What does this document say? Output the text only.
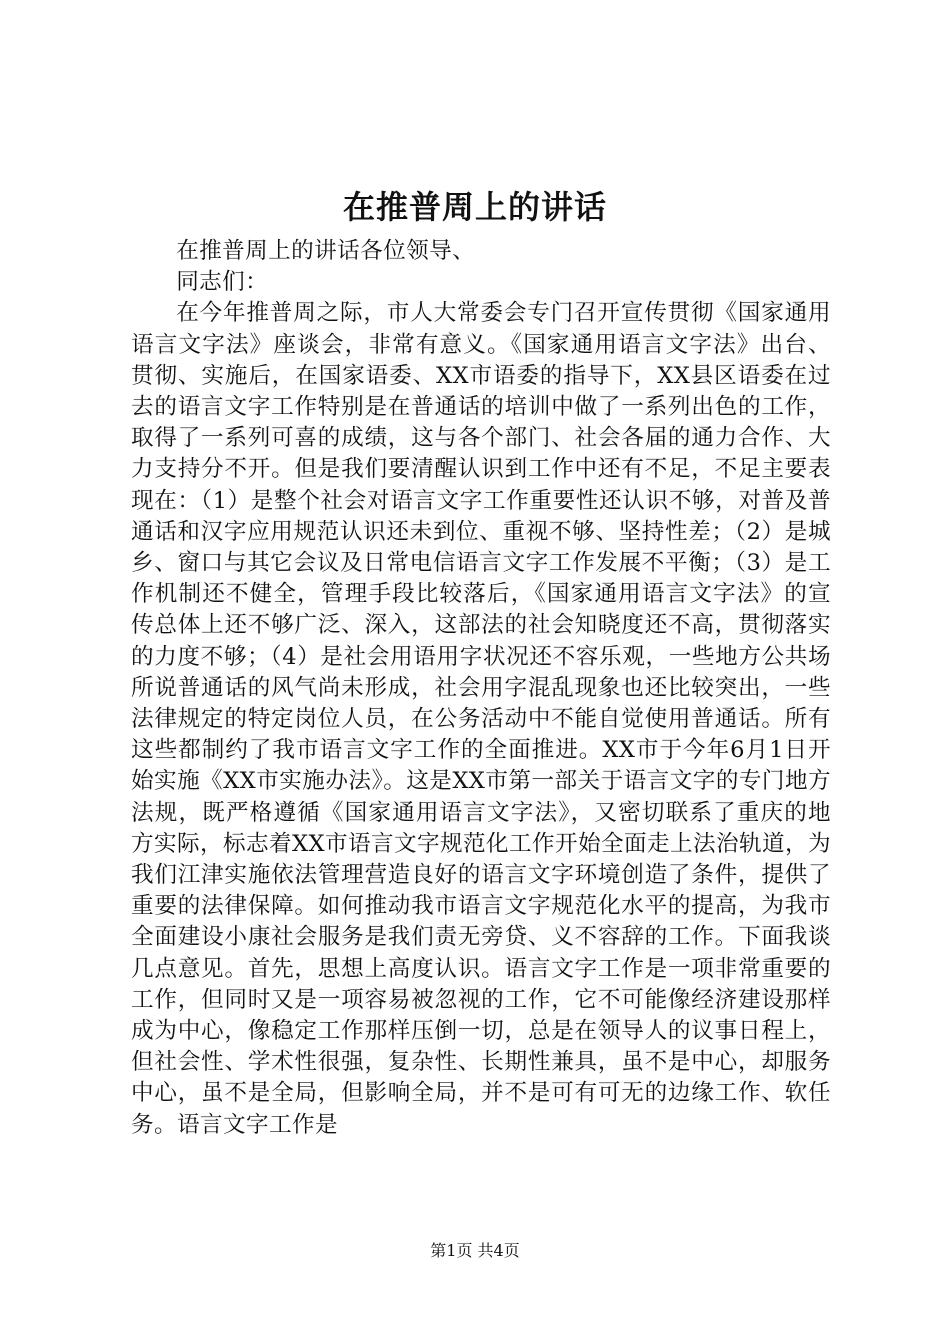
在推普周上的讲话

在推普周上的讲话各位领导、

同志们：

在今年推普周之际，市人大常委会专门召开宣传贯彻《国家通用语言文字法》座谈会，非常有意义。《国家通用语言文字法》出台、贯彻、实施后，在国家语委、XX市语委的指导下，XX县区语委在过去的语言文字工作特别是在普通话的培训中做了一系列出色的工作，取得了一系列可喜的成绩，这与各个部门、社会各届的通力合作、大力支持分不开。但是我们要清醒认识到工作中还有不足，不足主要表现在：（1）是整个社会对语言文字工作重要性还认识不够，对普及普通话和汉字应用规范认识还未到位、重视不够、坚持性差；（2）是城乡、窗口与其它会议及日常电信语言文字工作发展不平衡；（3）是工作机制还不健全，管理手段比较落后，《国家通用语言文字法》的宣传总体上还不够广泛、深入，这部法的社会知晓度还不高，贯彻落实的力度不够；（4）是社会用语用字状况还不容乐观，一些地方公共场所说普通话的风气尚未形成，社会用字混乱现象也还比较突出，一些法律规定的特定岗位人员，在公务活动中不能自觉使用普通话。所有这些都制约了我市语言文字工作的全面推进。XX市于今年6月1日开始实施《XX市实施办法》。这是XX市第一部关于语言文字的专门地方法规，既严格遵循《国家通用语言文字法》，又密切联系了重庆的地方实际，标志着XX市语言文字规范化工作开始全面走上法治轨道，为我们江津实施依法管理营造良好的语言文字环境创造了条件，提供了重要的法律保障。如何推动我市语言文字规范化水平的提高，为我市全面建设小康社会服务是我们责无旁贷、义不容辞的工作。下面我谈几点意见。首先，思想上高度认识。语言文字工作是一项非常重要的工作，但同时又是一项容易被忽视的工作，它不可能像经济建设那样成为中心，像稳定工作那样压倒一切，总是在领导人的议事日程上，但社会性、学术性很强，复杂性、长期性兼具，虽不是中心，却服务中心，虽不是全局，但影响全局，并不是可有可无的边缘工作、软任务。语言文字工作是

第1页 共4页
